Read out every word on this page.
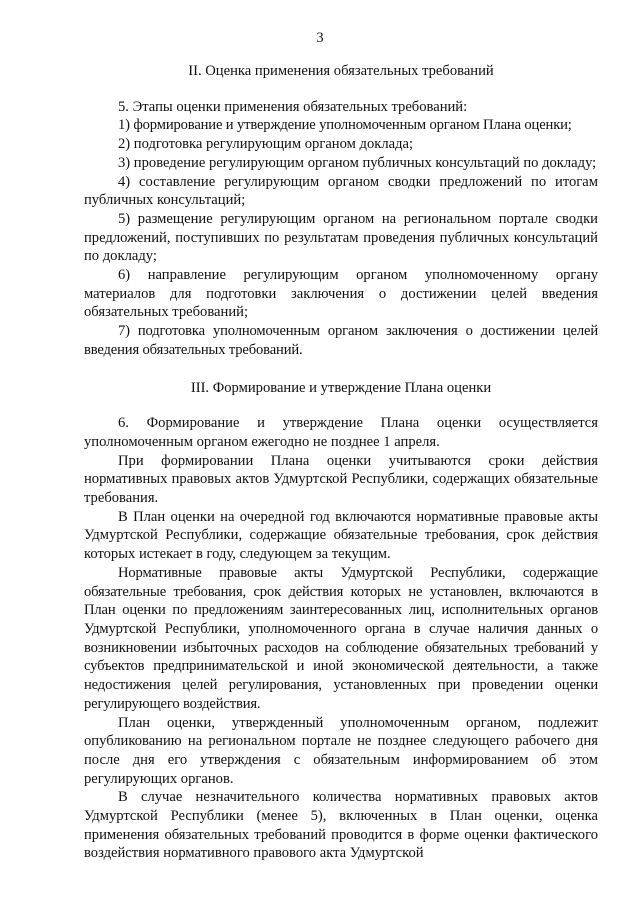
3

II. Оценка применения обязательных требований

5. Этапы оценки применения обязательных требований:

1) формирование и утверждение уполномоченным органом Плана оценки;

2) подготовка регулирующим органом доклада;

3) проведение регулирующим органом публичных консультаций по докладу;

4) составление регулирующим органом сводки предложений по итогам публичных консультаций;

5) размещение регулирующим органом на региональном портале сводки предложений, поступивших по результатам проведения публичных консультаций по докладу;

6) направление регулирующим органом уполномоченному органу материалов для подготовки заключения о достижении целей введения обязательных требований;

7) подготовка уполномоченным органом заключения о достижении целей введения обязательных требований.

III. Формирование и утверждение Плана оценки

6. Формирование и утверждение Плана оценки осуществляется уполномоченным органом ежегодно не позднее 1 апреля.

При формировании Плана оценки учитываются сроки действия нормативных правовых актов Удмуртской Республики, содержащих обязательные требования.

В План оценки на очередной год включаются нормативные правовые акты Удмуртской Республики, содержащие обязательные требования, срок действия которых истекает в году, следующем за текущим.

Нормативные правовые акты Удмуртской Республики, содержащие обязательные требования, срок действия которых не установлен, включаются в План оценки по предложениям заинтересованных лиц, исполнительных органов Удмуртской Республики, уполномоченного органа в случае наличия данных о возникновении избыточных расходов на соблюдение обязательных требований у субъектов предпринимательской и иной экономической деятельности, а также недостижения целей регулирования, установленных при проведении оценки регулирующего воздействия.

План оценки, утвержденный уполномоченным органом, подлежит опубликованию на региональном портале не позднее следующего рабочего дня после дня его утверждения с обязательным информированием об этом регулирующих органов.

В случае незначительного количества нормативных правовых актов Удмуртской Республики (менее 5), включенных в План оценки, оценка применения обязательных требований проводится в форме оценки фактического воздействия нормативного правового акта Удмуртской
